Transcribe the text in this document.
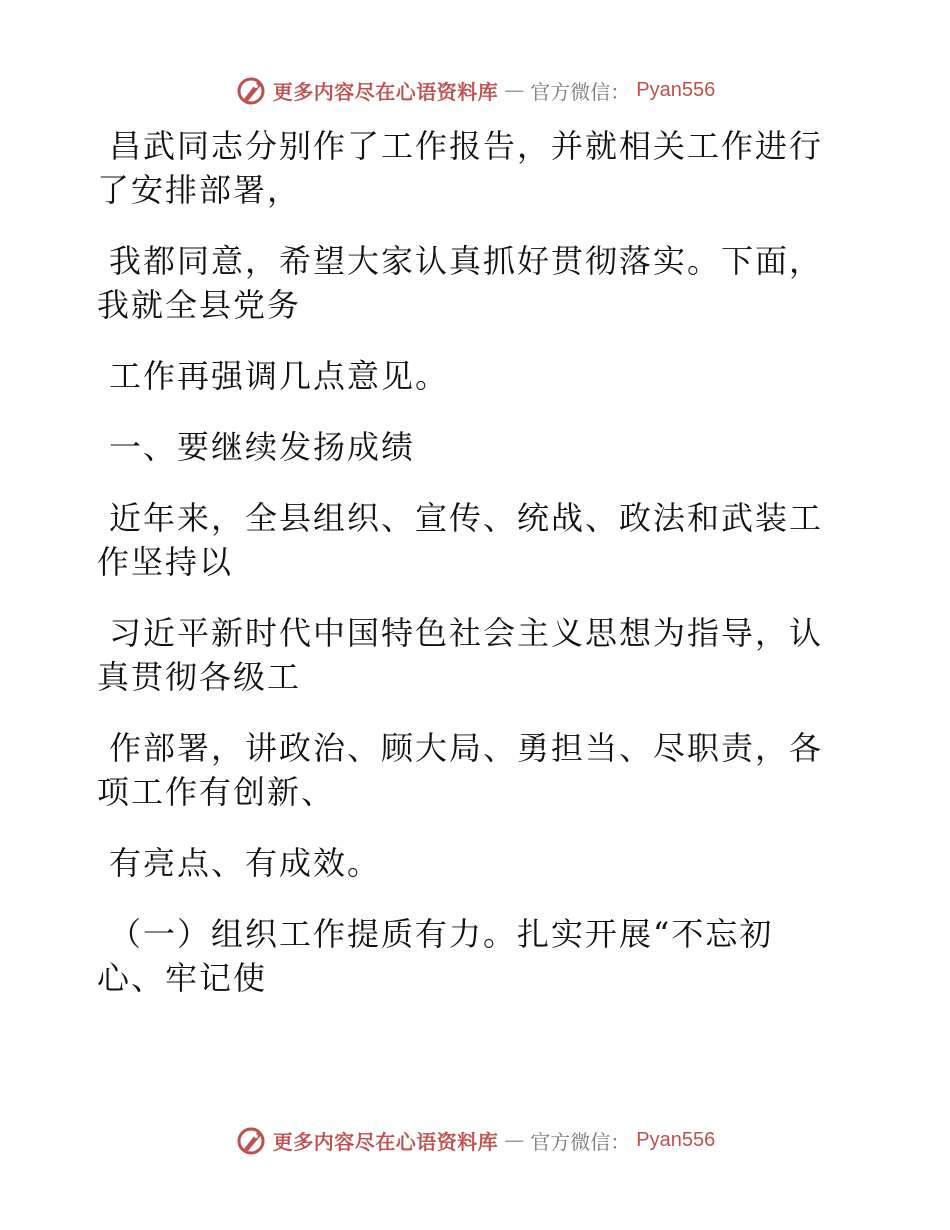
更多内容尽在心语资料库 — 官方微信： Pyan556

昌武同志分别作了工作报告，并就相关工作进行了安排部署，

我都同意，希望大家认真抓好贯彻落实。下面，我就全县党务

工作再强调几点意见。

一、要继续发扬成绩

近年来，全县组织、宣传、统战、政法和武装工作坚持以

习近平新时代中国特色社会主义思想为指导，认真贯彻各级工

作部署，讲政治、顾大局、勇担当、尽职责，各项工作有创新、

有亮点、有成效。

（一）组织工作提质有力。扎实开展“不忘初心、牢记使

更多内容尽在心语资料库 — 官方微信： Pyan556
